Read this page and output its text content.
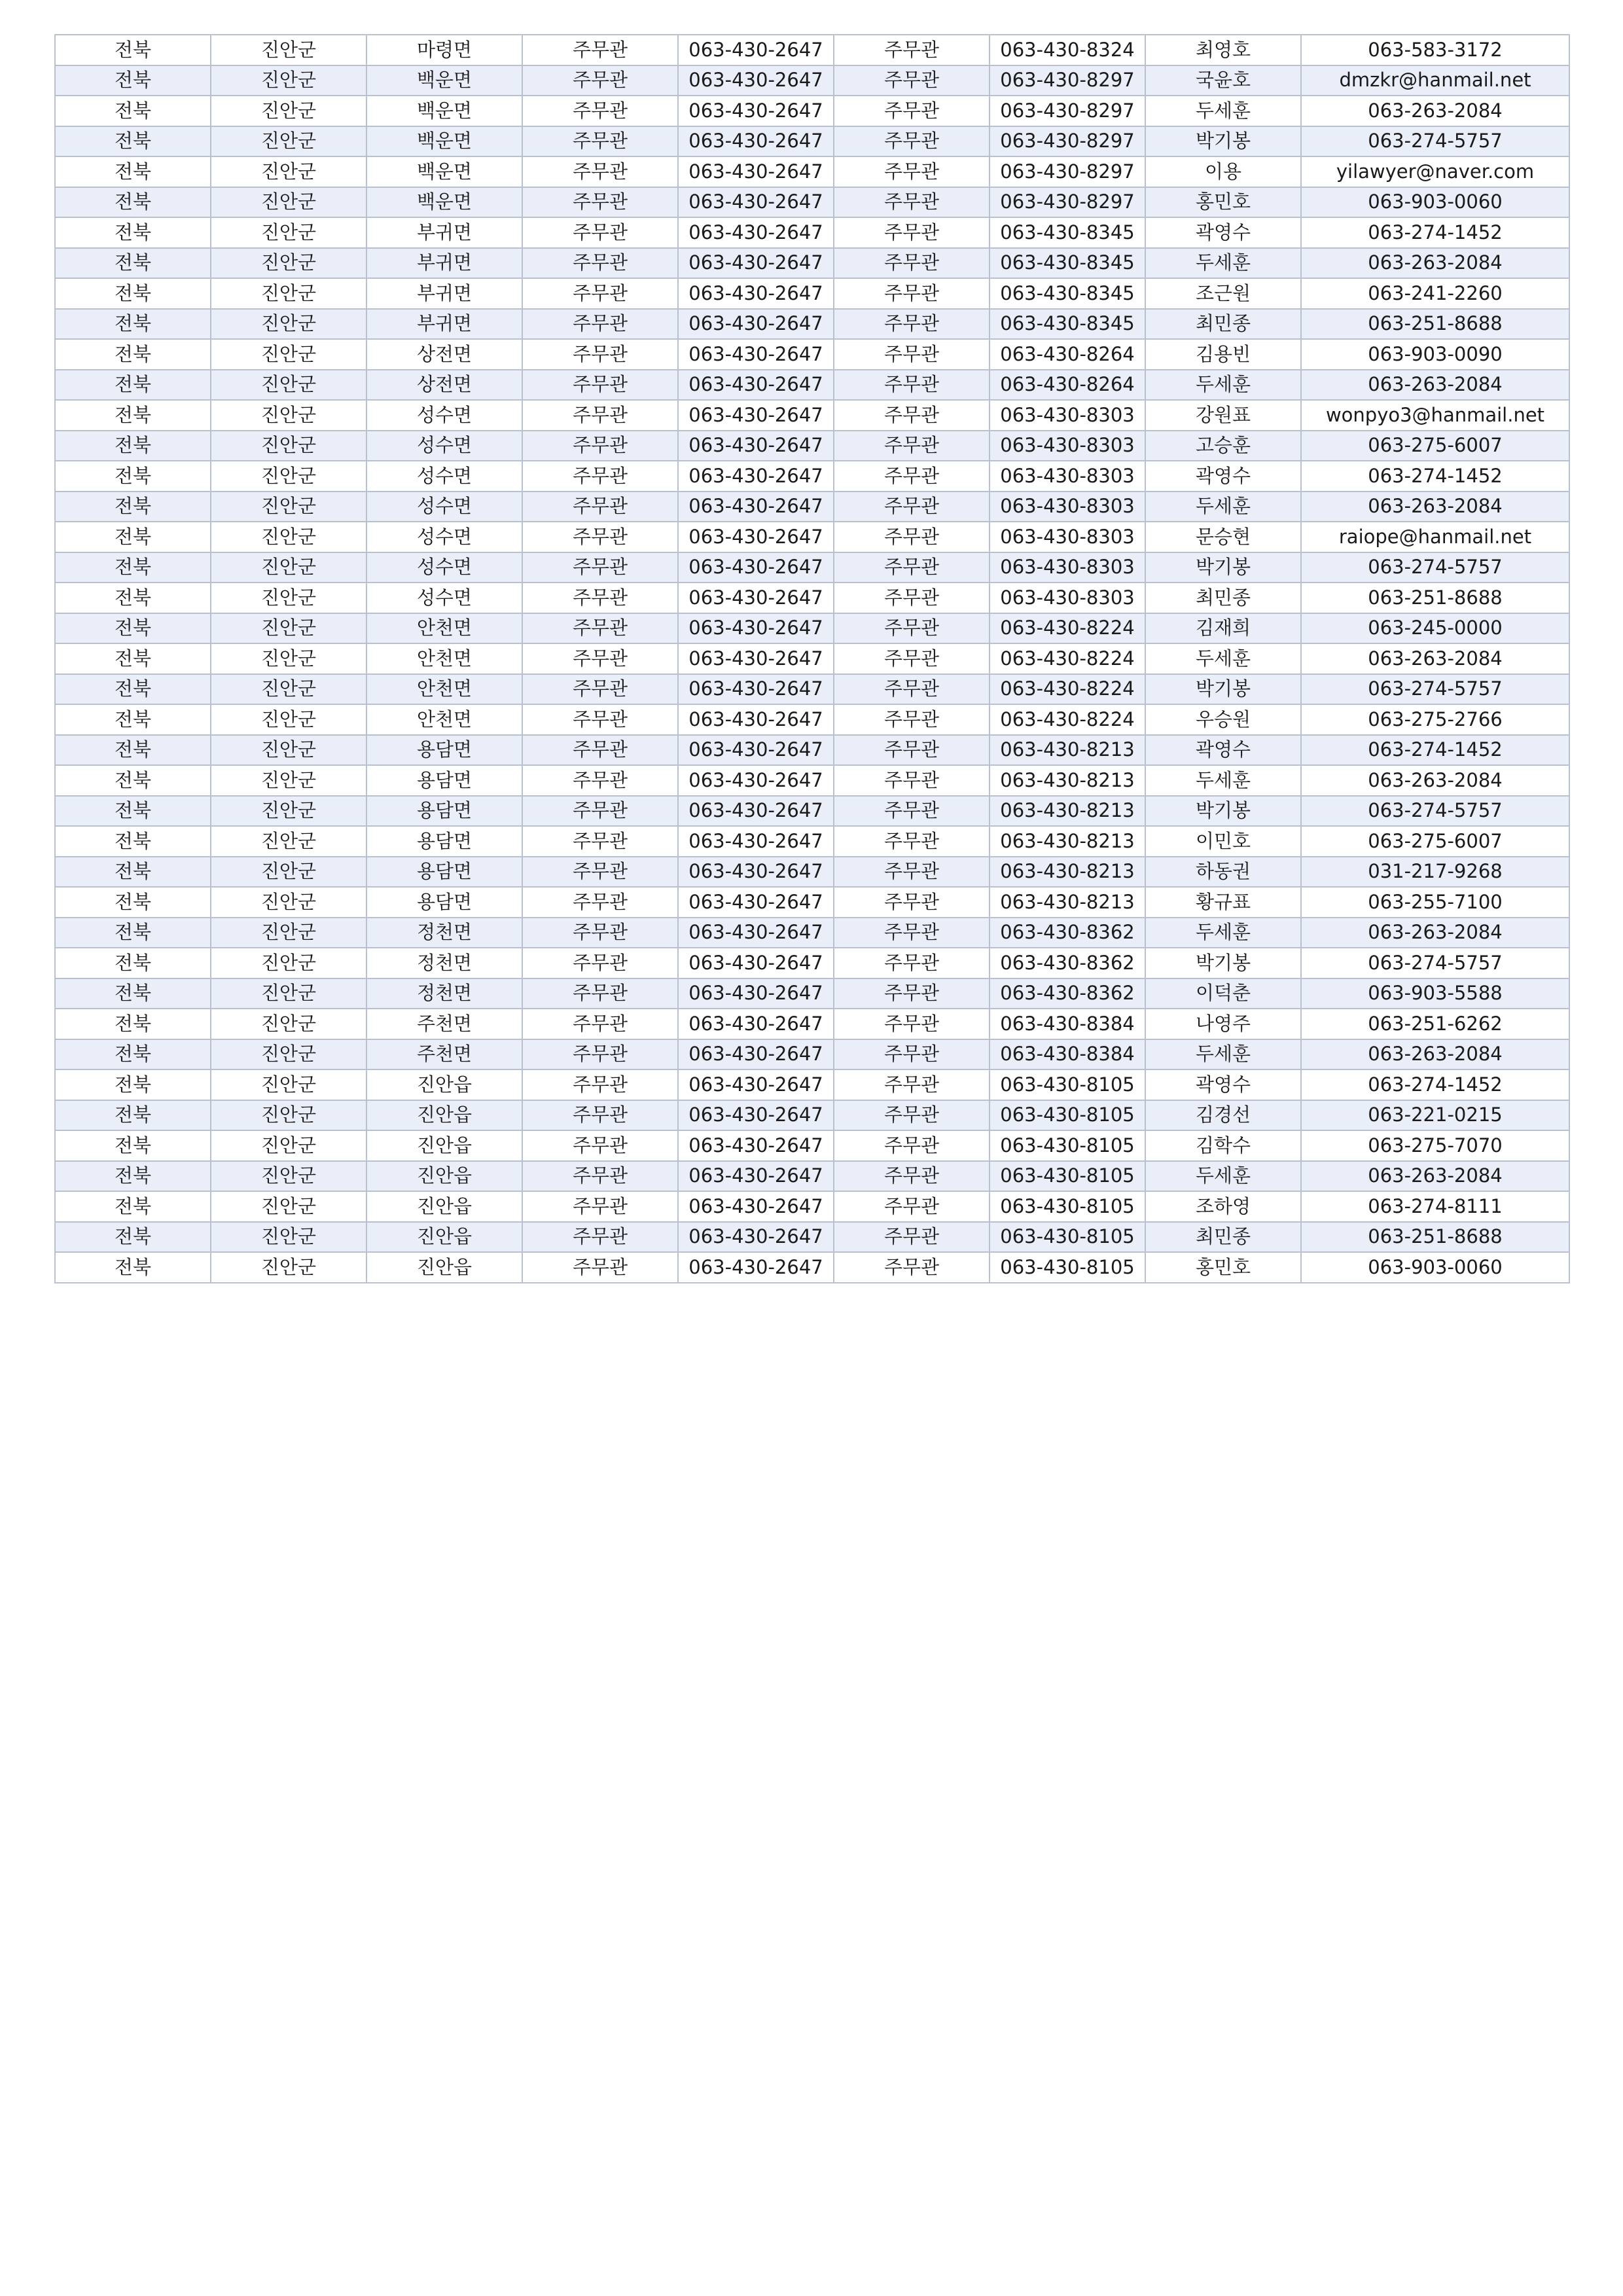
전북	진안군	마령면	주무관	063-430-2647	주무관	063-430-8324	최영호	063-583-3172
전북	진안군	백운면	주무관	063-430-2647	주무관	063-430-8297	국윤호	dmzkr@hanmail.net
전북	진안군	백운면	주무관	063-430-2647	주무관	063-430-8297	두세훈	063-263-2084
전북	진안군	백운면	주무관	063-430-2647	주무관	063-430-8297	박기봉	063-274-5757
전북	진안군	백운면	주무관	063-430-2647	주무관	063-430-8297	이용	yilawyer@naver.com
전북	진안군	백운면	주무관	063-430-2647	주무관	063-430-8297	홍민호	063-903-0060
전북	진안군	부귀면	주무관	063-430-2647	주무관	063-430-8345	곽영수	063-274-1452
전북	진안군	부귀면	주무관	063-430-2647	주무관	063-430-8345	두세훈	063-263-2084
전북	진안군	부귀면	주무관	063-430-2647	주무관	063-430-8345	조근원	063-241-2260
전북	진안군	부귀면	주무관	063-430-2647	주무관	063-430-8345	최민종	063-251-8688
전북	진안군	상전면	주무관	063-430-2647	주무관	063-430-8264	김용빈	063-903-0090
전북	진안군	상전면	주무관	063-430-2647	주무관	063-430-8264	두세훈	063-263-2084
전북	진안군	성수면	주무관	063-430-2647	주무관	063-430-8303	강원표	wonpyo3@hanmail.net
전북	진안군	성수면	주무관	063-430-2647	주무관	063-430-8303	고승훈	063-275-6007
전북	진안군	성수면	주무관	063-430-2647	주무관	063-430-8303	곽영수	063-274-1452
전북	진안군	성수면	주무관	063-430-2647	주무관	063-430-8303	두세훈	063-263-2084
전북	진안군	성수면	주무관	063-430-2647	주무관	063-430-8303	문승현	raiope@hanmail.net
전북	진안군	성수면	주무관	063-430-2647	주무관	063-430-8303	박기봉	063-274-5757
전북	진안군	성수면	주무관	063-430-2647	주무관	063-430-8303	최민종	063-251-8688
전북	진안군	안천면	주무관	063-430-2647	주무관	063-430-8224	김재희	063-245-0000
전북	진안군	안천면	주무관	063-430-2647	주무관	063-430-8224	두세훈	063-263-2084
전북	진안군	안천면	주무관	063-430-2647	주무관	063-430-8224	박기봉	063-274-5757
전북	진안군	안천면	주무관	063-430-2647	주무관	063-430-8224	우승원	063-275-2766
전북	진안군	용담면	주무관	063-430-2647	주무관	063-430-8213	곽영수	063-274-1452
전북	진안군	용담면	주무관	063-430-2647	주무관	063-430-8213	두세훈	063-263-2084
전북	진안군	용담면	주무관	063-430-2647	주무관	063-430-8213	박기봉	063-274-5757
전북	진안군	용담면	주무관	063-430-2647	주무관	063-430-8213	이민호	063-275-6007
전북	진안군	용담면	주무관	063-430-2647	주무관	063-430-8213	하동권	031-217-9268
전북	진안군	용담면	주무관	063-430-2647	주무관	063-430-8213	황규표	063-255-7100
전북	진안군	정천면	주무관	063-430-2647	주무관	063-430-8362	두세훈	063-263-2084
전북	진안군	정천면	주무관	063-430-2647	주무관	063-430-8362	박기봉	063-274-5757
전북	진안군	정천면	주무관	063-430-2647	주무관	063-430-8362	이덕춘	063-903-5588
전북	진안군	주천면	주무관	063-430-2647	주무관	063-430-8384	나영주	063-251-6262
전북	진안군	주천면	주무관	063-430-2647	주무관	063-430-8384	두세훈	063-263-2084
전북	진안군	진안읍	주무관	063-430-2647	주무관	063-430-8105	곽영수	063-274-1452
전북	진안군	진안읍	주무관	063-430-2647	주무관	063-430-8105	김경선	063-221-0215
전북	진안군	진안읍	주무관	063-430-2647	주무관	063-430-8105	김학수	063-275-7070
전북	진안군	진안읍	주무관	063-430-2647	주무관	063-430-8105	두세훈	063-263-2084
전북	진안군	진안읍	주무관	063-430-2647	주무관	063-430-8105	조하영	063-274-8111
전북	진안군	진안읍	주무관	063-430-2647	주무관	063-430-8105	최민종	063-251-8688
전북	진안군	진안읍	주무관	063-430-2647	주무관	063-430-8105	홍민호	063-903-0060
